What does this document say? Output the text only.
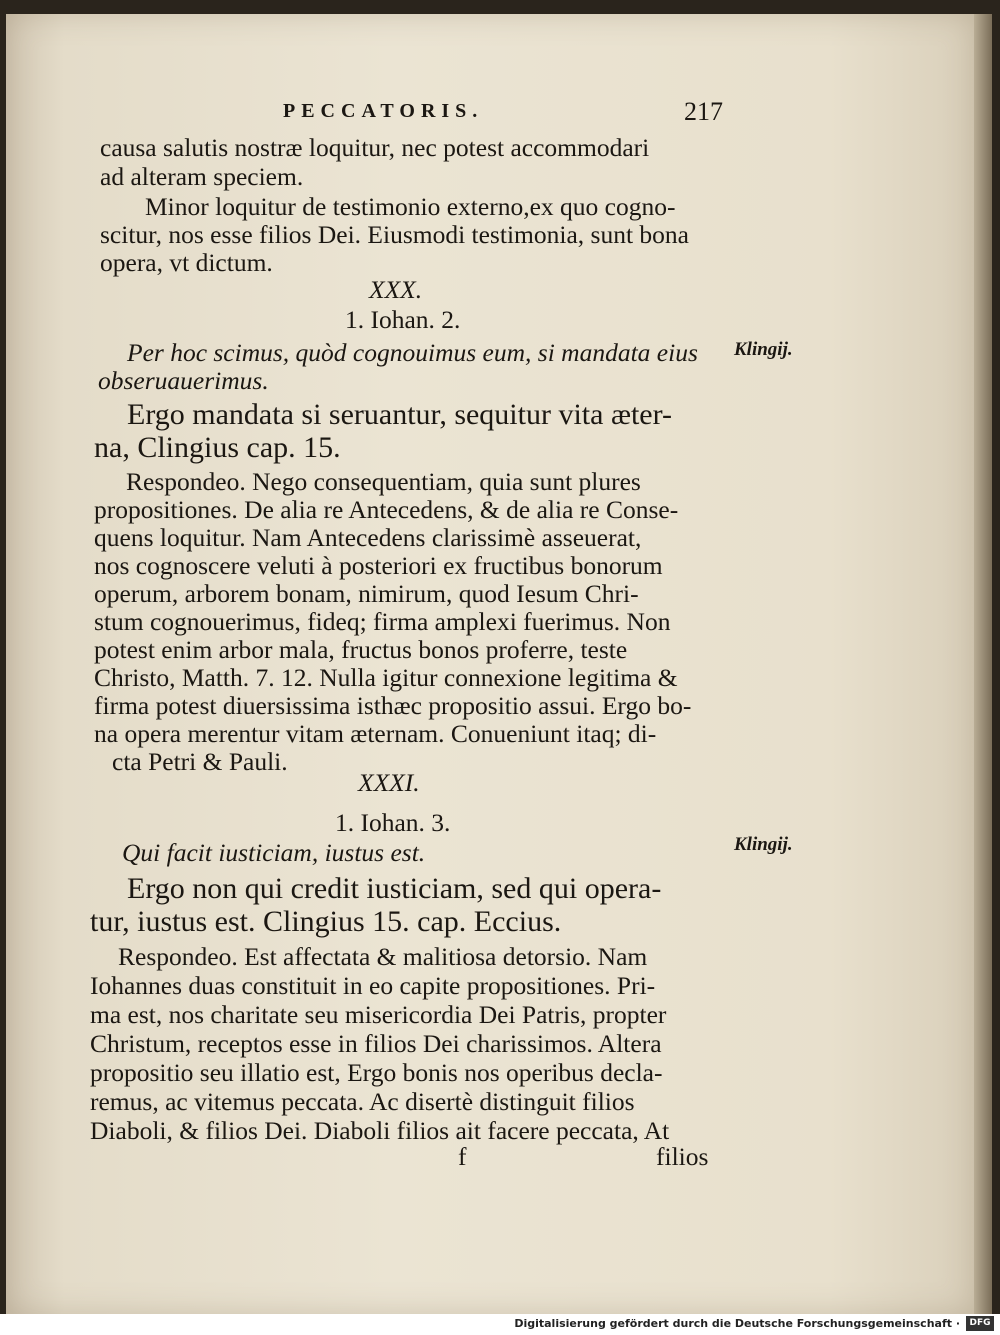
PECCATORIS.	217
causa salutis nostræ loquitur, nec potest accommodari
ad alteram speciem.
Minor loquitur de testimonio externo,ex quo cogno-
scitur, nos esse filios Dei. Eiusmodi testimonia, sunt bona
opera, vt dictum.
XXX.
1. Iohan. 2.
Per hoc scimus, quòd cognouimus eum, si mandata eius
obseruauerimus.
Klingij.
Ergo mandata si seruantur, sequitur vita æter-
na, Clingius cap. 15.
Respondeo. Nego consequentiam, quia sunt plures
propositiones. De alia re Antecedens, & de alia re Conse-
quens loquitur. Nam Antecedens clarissimè asseuerat,
nos cognoscere veluti à posteriori ex fructibus bonorum
operum, arborem bonam, nimirum, quod Iesum Chri-
stum cognouerimus, fideq; firma amplexi fuerimus. Non
potest enim arbor mala, fructus bonos proferre, teste
Christo, Matth. 7. 12. Nulla igitur connexione legitima &
firma potest diuersissima isthæc propositio assui. Ergo bo-
na opera merentur vitam æternam. Conueniunt itaq; di-
cta Petri & Pauli.
XXXI.
1. Iohan. 3.
Qui facit iusticiam, iustus est.	Klingij.
Ergo non qui credit iusticiam, sed qui opera-
tur, iustus est. Clingius 15. cap. Eccius.
Respondeo. Est affectata & malitiosa detorsio. Nam
Iohannes duas constituit in eo capite propositiones. Pri-
ma est, nos charitate seu misericordia Dei Patris, propter
Christum, receptos esse in filios Dei charissimos. Altera
propositio seu illatio est, Ergo bonis nos operibus decla-
remus, ac vitemus peccata. Ac disertè distinguit filios
Diaboli, & filios Dei. Diaboli filios ait facere peccata, At
f	filios
Digitalisierung gefördert durch die Deutsche Forschungsgemeinschaft ·	DFG
